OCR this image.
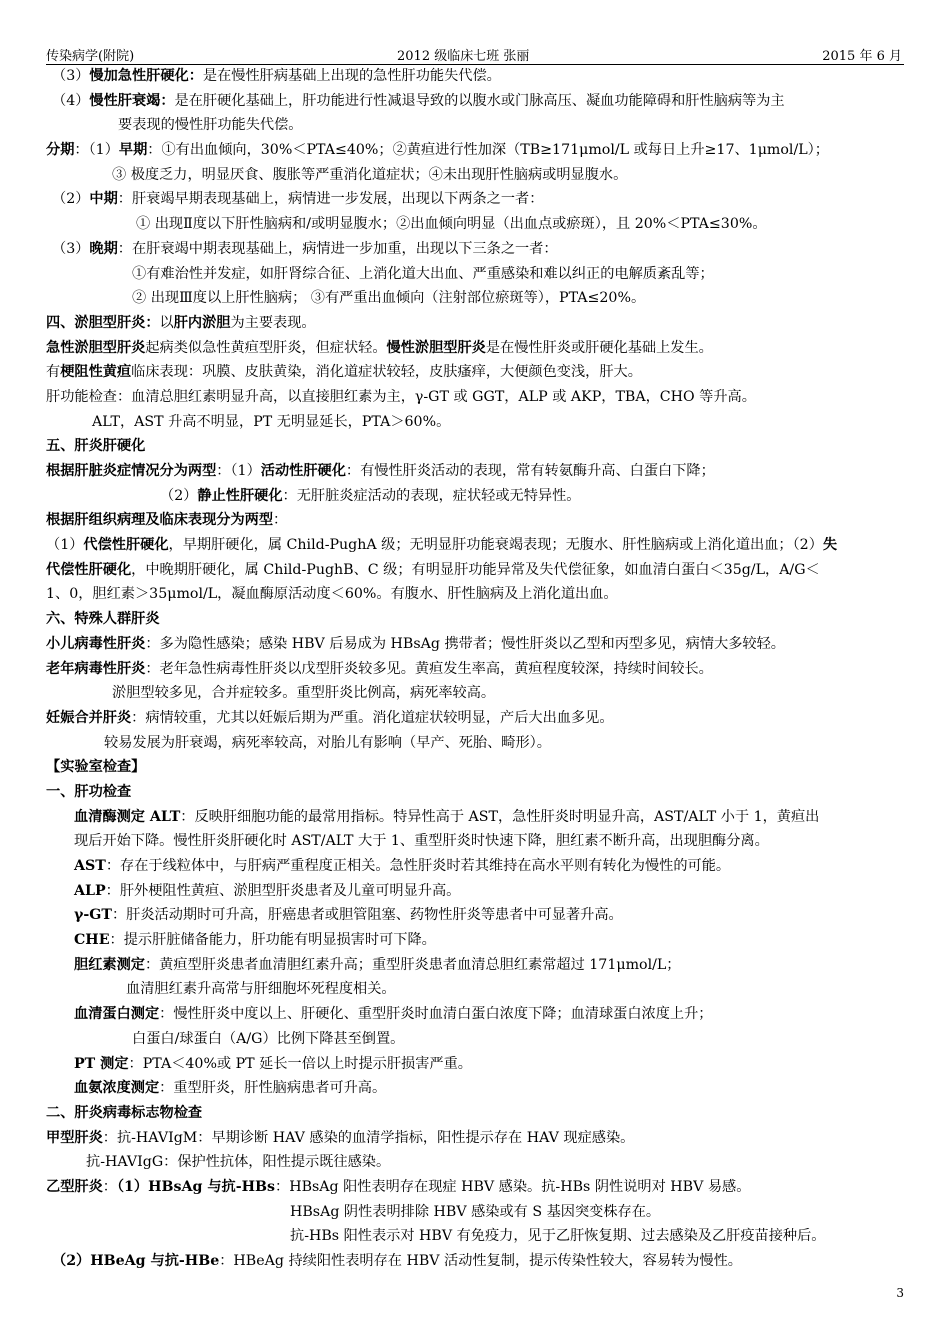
传染病学(附院)	2012 级临床七班 张丽	2015 年 6 月
（3）慢加急性肝硬化：是在慢性肝病基础上出现的急性肝功能失代偿。
（4）慢性肝衰竭：是在肝硬化基础上，肝功能进行性减退导致的以腹水或门脉高压、凝血功能障碍和肝性脑病等为主
要表现的慢性肝功能失代偿。
分期：（1）早期：①有出血倾向，30%＜PTA≤40%；②黄疸进行性加深（TB≥171μmol/L 或每日上升≥17、1μmol/L）；
③ 极度乏力，明显厌食、腹胀等严重消化道症状；④未出现肝性脑病或明显腹水。
（2）中期：肝衰竭早期表现基础上，病情进一步发展，出现以下两条之一者：
① 出现Ⅱ度以下肝性脑病和/或明显腹水；②出血倾向明显（出血点或瘀斑），且 20%＜PTA≤30%。
（3）晚期：在肝衰竭中期表现基础上，病情进一步加重，出现以下三条之一者：
①有难治性并发症，如肝肾综合征、上消化道大出血、严重感染和难以纠正的电解质紊乱等；
② 出现Ⅲ度以上肝性脑病； ③有严重出血倾向（注射部位瘀斑等），PTA≤20%。
四、淤胆型肝炎：以肝内淤胆为主要表现。
急性淤胆型肝炎起病类似急性黄疸型肝炎，但症状轻。慢性淤胆型肝炎是在慢性肝炎或肝硬化基础上发生。
有梗阻性黄疸临床表现：巩膜、皮肤黄染，消化道症状较轻，皮肤瘙痒，大便颜色变浅，肝大。
肝功能检查：血清总胆红素明显升高，以直接胆红素为主，γ-GT 或 GGT，ALP 或 AKP，TBA，CHO 等升高。
ALT，AST 升高不明显，PT 无明显延长，PTA＞60%。
五、肝炎肝硬化
根据肝脏炎症情况分为两型：（1）活动性肝硬化：有慢性肝炎活动的表现，常有转氨酶升高、白蛋白下降；
（2）静止性肝硬化：无肝脏炎症活动的表现，症状轻或无特异性。
根据肝组织病理及临床表现分为两型：
（1）代偿性肝硬化，早期肝硬化，属 Child-PughA 级；无明显肝功能衰竭表现；无腹水、肝性脑病或上消化道出血；（2）失
代偿性肝硬化，中晚期肝硬化，属 Child-PughB、C 级；有明显肝功能异常及失代偿征象，如血清白蛋白＜35g/L，A/G＜
1、0，胆红素＞35μmol/L，凝血酶原活动度＜60%。有腹水、肝性脑病及上消化道出血。
六、特殊人群肝炎
小儿病毒性肝炎：多为隐性感染；感染 HBV 后易成为 HBsAg 携带者；慢性肝炎以乙型和丙型多见，病情大多较轻。
老年病毒性肝炎：老年急性病毒性肝炎以戊型肝炎较多见。黄疸发生率高，黄疸程度较深，持续时间较长。
淤胆型较多见，合并症较多。重型肝炎比例高，病死率较高。
妊娠合并肝炎：病情较重，尤其以妊娠后期为严重。消化道症状较明显，产后大出血多见。
较易发展为肝衰竭，病死率较高，对胎儿有影响（早产、死胎、畸形）。
【实验室检查】
一、肝功检查
血清酶测定 ALT：反映肝细胞功能的最常用指标。特异性高于 AST，急性肝炎时明显升高，AST/ALT 小于 1，黄疸出
现后开始下降。慢性肝炎肝硬化时 AST/ALT 大于 1、重型肝炎时快速下降，胆红素不断升高，出现胆酶分离。
AST：存在于线粒体中，与肝病严重程度正相关。急性肝炎时若其维持在高水平则有转化为慢性的可能。
ALP：肝外梗阻性黄疸、淤胆型肝炎患者及儿童可明显升高。
γ-GT：肝炎活动期时可升高，肝癌患者或胆管阻塞、药物性肝炎等患者中可显著升高。
CHE：提示肝脏储备能力，肝功能有明显损害时可下降。
胆红素测定：黄疸型肝炎患者血清胆红素升高；重型肝炎患者血清总胆红素常超过 171μmol/L；
血清胆红素升高常与肝细胞坏死程度相关。
血清蛋白测定：慢性肝炎中度以上、肝硬化、重型肝炎时血清白蛋白浓度下降；血清球蛋白浓度上升；
白蛋白/球蛋白（A/G）比例下降甚至倒置。
PT 测定：PTA＜40%或 PT 延长一倍以上时提示肝损害严重。
血氨浓度测定：重型肝炎，肝性脑病患者可升高。
二、肝炎病毒标志物检查
甲型肝炎：抗-HAVIgM：早期诊断 HAV 感染的血清学指标，阳性提示存在 HAV 现症感染。
抗-HAVIgG：保护性抗体，阳性提示既往感染。
乙型肝炎：（1）HBsAg 与抗-HBs：HBsAg 阳性表明存在现症 HBV 感染。抗-HBs 阴性说明对 HBV 易感。
HBsAg 阴性表明排除 HBV 感染或有 S 基因突变株存在。
抗-HBs 阳性表示对 HBV 有免疫力，见于乙肝恢复期、过去感染及乙肝疫苗接种后。
（2）HBeAg 与抗-HBe：HBeAg 持续阳性表明存在 HBV 活动性复制，提示传染性较大，容易转为慢性。
3
